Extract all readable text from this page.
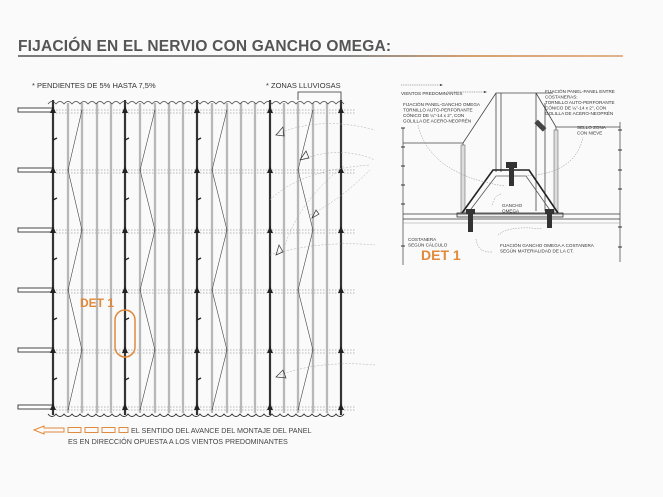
FIJACIÓN EN EL NERVIO CON GANCHO OMEGA:
* PENDIENTES DE 5% HASTA 7,5%	* ZONAS LLUVIOSAS
DET 1
VIENTOS PREDOMINANTES
FIJACIÓN PANEL-GANCHO OMEGA
TORNILLO AUTO-PERFORANTE
CÓNICO DE ¼"-14 x 2", CON
GOLILLA DE ACERO-NEOPRÉN
FIJACIÓN PANEL-PANEL ENTRE
COSTANERAS:
TORNILLO AUTO-PERFORANTE
CÓNICO DE ¼"-14 x 2", CON
GOLILLA DE ACERO-NEOPRÉN
SELLO ZONA
CON NIEVE
GANCHO
OMEGA
COSTANERA
SEGÚN CÁLCULO	FIJACIÓN GANCHO OMEGA A COSTANERA
SEGÚN MATERIALIDAD DE LA CT.
DET 1
EL SENTIDO DEL AVANCE DEL MONTAJE DEL PANEL
ES EN DIRECCIÓN OPUESTA A LOS VIENTOS PREDOMINANTES
